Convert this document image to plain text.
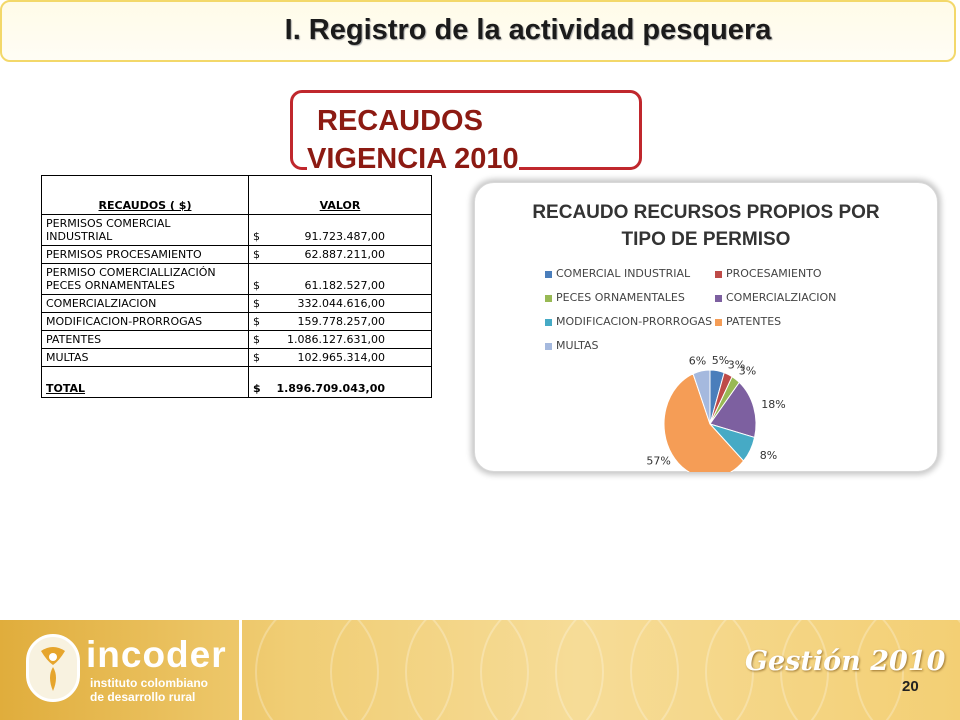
I. Registro de la actividad pesquera
RECAUDOS
VIGENCIA 2010
RECAUDOS ( $)	VALOR
PERMISOS COMERCIAL
INDUSTRIAL	$ 91.723.487,00
PERMISOS PROCESAMIENTO	$ 62.887.211,00
PERMISO COMERCIALLIZACIÓN
PECES ORNAMENTALES	$ 61.182.527,00
COMERCIALZIACION	$ 332.044.616,00
MODIFICACION-PRORROGAS	$ 159.778.257,00
PATENTES	$ 1.086.127.631,00
MULTAS	$ 102.965.314,00
TOTAL	$ 1.896.709.043,00
RECAUDO RECURSOS PROPIOS POR
TIPO DE PERMISO
COMERCIAL INDUSTRIAL	PROCESAMIENTO
PECES ORNAMENTALES	COMERCIALZIACION
MODIFICACION-PRORROGAS	PATENTES
MULTAS
5%
3%
3%
18%
8%
57%
6%
incoder
instituto colombiano
de desarrollo rural
Gestión 2010
20
